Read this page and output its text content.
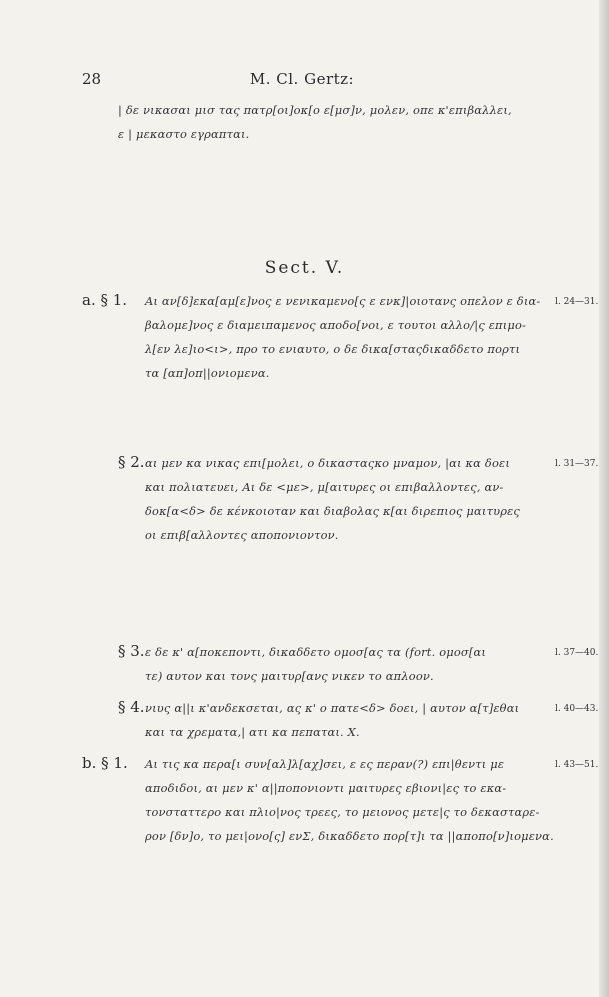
28	M. Cl. Gertz:
| δε νικασαι μισ τας πατρ[οι]οκ[ο ε[μσ]ν, μολεν, οπε κ'επιβαλλει,
ε | μεκαστο εγραπται.
Sect. V.
a. § 1. Αι αν[δ]εκα[αμ[ε]νος ε νενικαμενο[ς ε ενκ]|οιοτανς οπελον ε δια-
βαλομε]νος ε διαμειπαμενος αποδο[νοι, ε τουτοι αλλο/|ς επιμο-
λ[εν λε]ιο<ι>, προ το ενιαυτο, ο δε δικα[σταςδικαδδετο πορτι
τα [απ]οπ||ονιομενα.
l. 24—31.
§ 2. αι μεν κα νικας επι[μολει, ο δικασταςκο μναμον, |αι κα δοει
και πολιατευει, Αι δε <με>, μ[αιτυρες οι επιβαλλοντες, αν-
δοκ[α<δ> δε κένκοιοταν και διαβολας κ[αι διρεπιος μαιτυρες
οι επιβ[αλλοντες αποπονιοντον.
l. 31—37.
§ 3. ε δε κ' α[ποκεποντι, δικαδδετο ομοσ[ας τα (fort. ομοσ[αι
τε) αυτον και τονς μαιτυρ[ανς νικεν το απλοον.
l. 37—40.
§ 4. νιυς α||ι κ'ανδεκσεται, ας κ' ο πατε<δ> δοει, | αυτον α[τ]εθαι
και τα χρεματα,| ατι κα πεπαται. X.
l. 40—43.
b. § 1. Αι τις κα περα[ι συν[αλ]λ[αχ]σει, ε ες περαν(?) επι|θεντι με
αποδιδοι, αι μεν κ' α||ποπονιοντι μαιτυρες εβιονι|ες το εκα-
τονσταττερο και πλιο|νος τρεες, το μειονος μετε|ς το δεκασταρε-
ρον [δν]ο, το μει|ονο[ς] ενΣ, δικαδδετο πορ[τ]ι τα ||αποπο[ν]ιομενα.
l. 43—51.
